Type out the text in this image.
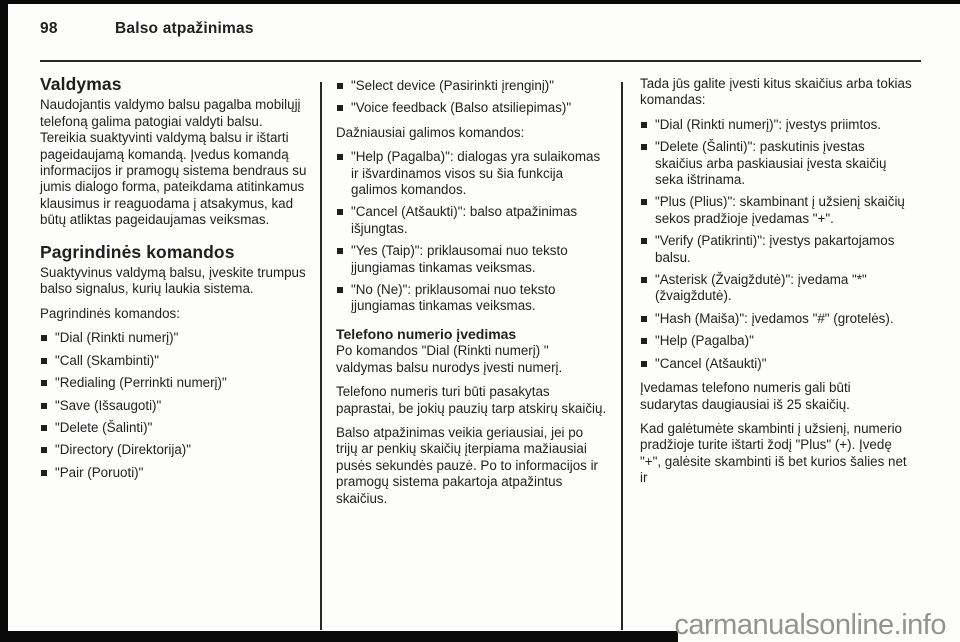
98	Balso atpažinimas
Valdymas
Naudojantis valdymo balsu pagalba mobilųjį telefoną galima patogiai valdyti balsu. Tereikia suaktyvinti valdymą balsu ir ištarti pageidaujamą komandą. Įvedus komandą informacijos ir pramogų sistema bendraus su jumis dialogo forma, pateikdama atitinkamus klausimus ir reaguodama į atsakymus, kad būtų atliktas pageidaujamas veiksmas.
Pagrindinės komandos
Suaktyvinus valdymą balsu, įveskite trumpus balso signalus, kurių laukia sistema.
Pagrindinės komandos:
"Dial (Rinkti numerį)"
"Call (Skambinti)"
"Redialing (Perrinkti numerį)"
"Save (Išsaugoti)"
"Delete (Šalinti)"
"Directory (Direktorija)"
"Pair (Poruoti)"
"Select device (Pasirinkti įrenginį)"
"Voice feedback (Balso atsiliepimas)"
Dažniausiai galimos komandos:
"Help (Pagalba)": dialogas yra sulaikomas ir išvardinamos visos su šia funkcija galimos komandos.
"Cancel (Atšaukti)": balso atpažinimas išjungtas.
"Yes (Taip)": priklausomai nuo teksto įjungiamas tinkamas veiksmas.
"No (Ne)": priklausomai nuo teksto įjungiamas tinkamas veiksmas.
Telefono numerio įvedimas
Po komandos "Dial (Rinkti numerį) " valdymas balsu nurodys įvesti numerį.
Telefono numeris turi būti pasakytas paprastai, be jokių pauzių tarp atskirų skaičių.
Balso atpažinimas veikia geriausiai, jei po trijų ar penkių skaičių įterpiama mažiausiai pusės sekundės pauzė. Po to informacijos ir pramogų sistema pakartoja atpažintus skaičius.
Tada jūs galite įvesti kitus skaičius arba tokias komandas:
"Dial (Rinkti numerį)": įvestys priimtos.
"Delete (Šalinti)": paskutinis įvestas skaičius arba paskiausiai įvesta skaičių seka ištrinama.
"Plus (Plius)": skambinant į užsienį skaičių sekos pradžioje įvedamas "+".
"Verify (Patikrinti)": įvestys pakartojamos balsu.
"Asterisk (Žvaigždutė)": įvedama "*" (žvaigždutė).
"Hash (Maiša)": įvedamos "#" (grotelės).
"Help (Pagalba)"
"Cancel (Atšaukti)"
Įvedamas telefono numeris gali būti sudarytas daugiausiai iš 25 skaičių.
Kad galėtumėte skambinti į užsienį, numerio pradžioje turite ištarti žodį "Plus" (+). Įvedę "+", galėsite skambinti iš bet kurios šalies net ir
carmanualsonline.info
